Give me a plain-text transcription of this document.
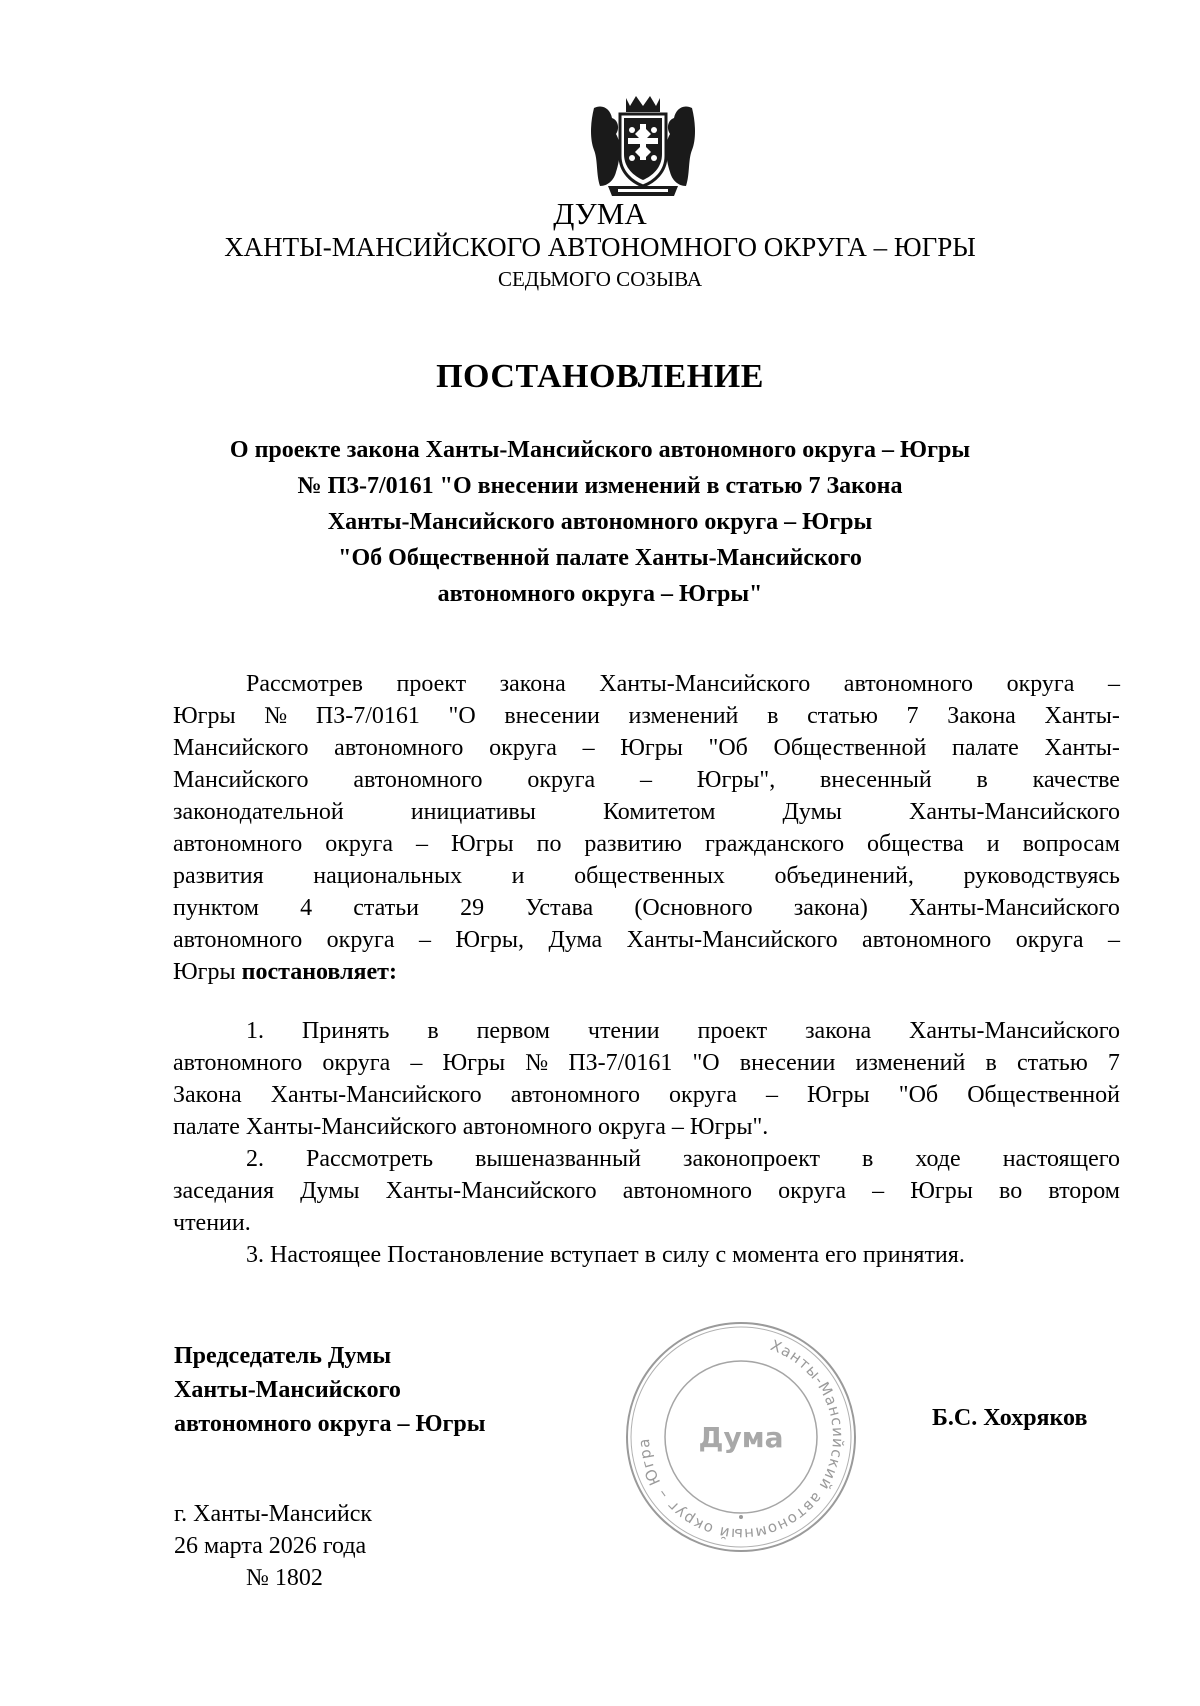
ДУМА
ХАНТЫ-МАНСИЙСКОГО АВТОНОМНОГО ОКРУГА – ЮГРЫ
СЕДЬМОГО СОЗЫВА
ПОСТАНОВЛЕНИЕ
О проекте закона Ханты-Мансийского автономного округа – Югры
№ ПЗ-7/0161 "О внесении изменений в статью 7 Закона
Ханты-Мансийского автономного округа – Югры
"Об Общественной палате Ханты-Мансийского
автономного округа – Югры"
Рассмотрев проект закона Ханты-Мансийского автономного округа –
Югры № ПЗ-7/0161 "О внесении изменений в статью 7 Закона Ханты-
Мансийского автономного округа – Югры "Об Общественной палате Ханты-
Мансийского автономного округа – Югры", внесенный в качестве
законодательной	инициативы	Комитетом	Думы	Ханты-Мансийского
автономного округа – Югры по развитию гражданского общества и вопросам
развития национальных и общественных объединений, руководствуясь
пунктом 4 статьи 29 Устава (Основного закона) Ханты-Мансийского
автономного округа – Югры, Дума Ханты-Мансийского автономного округа –
Югры постановляет:
1. Принять в первом чтении проект закона Ханты-Мансийского
автономного округа – Югры № ПЗ-7/0161 "О внесении изменений в статью 7
Закона Ханты-Мансийского автономного округа – Югры "Об Общественной
палате Ханты-Мансийского автономного округа – Югры".
2. Рассмотреть вышеназванный законопроект в ходе настоящего
заседания Думы Ханты-Мансийского автономного округа – Югры во втором
чтении.
3. Настоящее Постановление вступает в силу с момента его принятия.
Председатель Думы
Ханты-Мансийского
автономного округа – Югры
Ханты-Мансийский автономный округ – Югра	Дума
Б.С. Хохряков
г. Ханты-Мансийск
26 марта 2026 года
№ 1802
